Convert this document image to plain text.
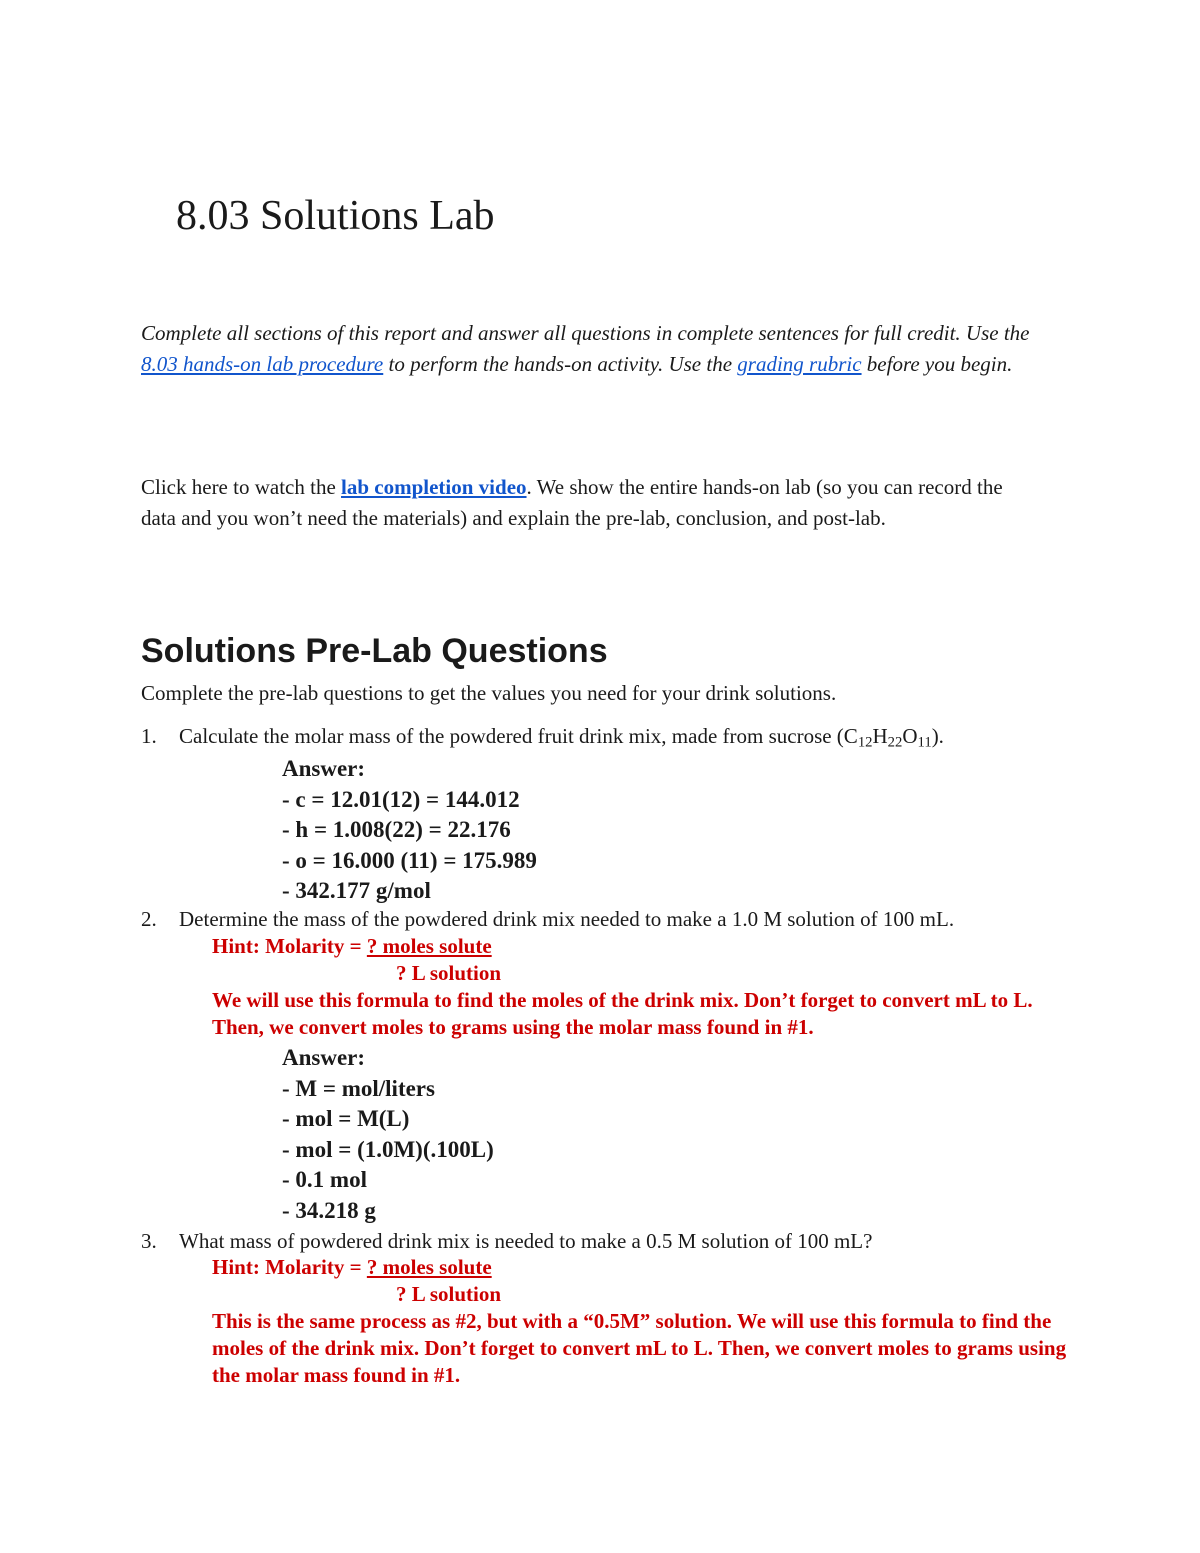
8.03 Solutions Lab

Complete all sections of this report and answer all questions in complete sentences for full credit. Use the 8.03 hands-on lab procedure to perform the hands-on activity. Use the grading rubric before you begin.

Click here to watch the lab completion video. We show the entire hands-on lab (so you can record the data and you won’t need the materials) and explain the pre-lab, conclusion, and post-lab.

Solutions Pre-Lab Questions

Complete the pre-lab questions to get the values you need for your drink solutions.

1. Calculate the molar mass of the powdered fruit drink mix, made from sucrose $(C_{12}H_{22}O_{11})$.

Answer:
- c = 12.01(12) = 144.012
- h = 1.008(22) = 22.176
- o = 16.000 (11) = 175.989
- 342.177 g/mol

2. Determine the mass of the powdered drink mix needed to make a 1.0 M solution of 100 mL.

Hint: Molarity = ? moles solute
? L solution
We will use this formula to find the moles of the drink mix. Don’t forget to convert mL to L. Then, we convert moles to grams using the molar mass found in #1.
Answer:
- M = mol/liters
- mol = M(L)
- mol = (1.0M)(.100L)
- 0.1 mol
- 34.218 g

3. What mass of powdered drink mix is needed to make a 0.5 M solution of 100 mL?

Hint: Molarity = ? moles solute
? L solution
This is the same process as #2, but with a “0.5M” solution. We will use this formula to find the moles of the drink mix. Don’t forget to convert mL to L. Then, we convert moles to grams using the molar mass found in #1.
